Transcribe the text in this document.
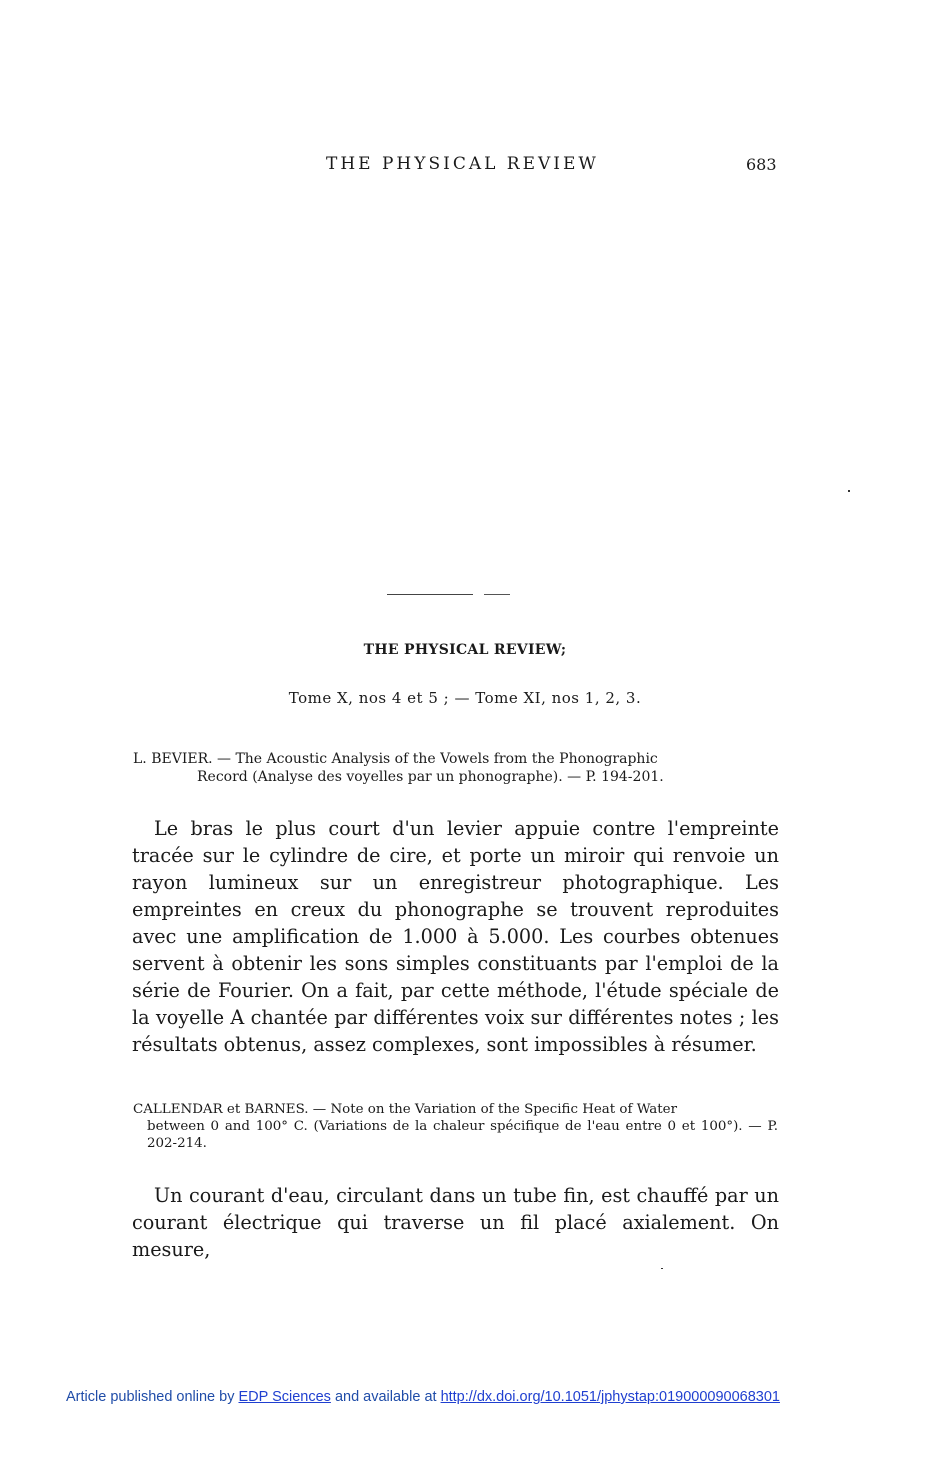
THE PHYSICAL REVIEW	683
THE PHYSICAL REVIEW;
Tome X, nos 4 et 5 ; — Tome XI, nos 1, 2, 3.
L. BEVIER. — The Acoustic Analysis of the Vowels from the Phonographic
Record (Analyse des voyelles par un phonographe). — P. 194-201.

Le bras le plus court d'un levier appuie contre l'empreinte tracée sur le cylindre de cire, et porte un miroir qui renvoie un rayon lumineux sur un enregistreur photographique. Les empreintes en creux du phonographe se trouvent reproduites avec une amplification de 1.000 à 5.000. Les courbes obtenues servent à obtenir les sons simples constituants par l'emploi de la série de Fourier. On a fait, par cette méthode, l'étude spéciale de la voyelle A chantée par différentes voix sur différentes notes ; les résultats obtenus, assez complexes, sont impossibles à résumer.

CALLENDAR et BARNES. — Note on the Variation of the Specific Heat of Water
between 0 and 100° C. (Variations de la chaleur spécifique de l'eau entre 0 et 100°). — P. 202-214.

Un courant d'eau, circulant dans un tube fin, est chauffé par un courant électrique qui traverse un fil placé axialement. On mesure,

Article published online by EDP Sciences and available at http://dx.doi.org/10.1051/jphystap:019000090068301
